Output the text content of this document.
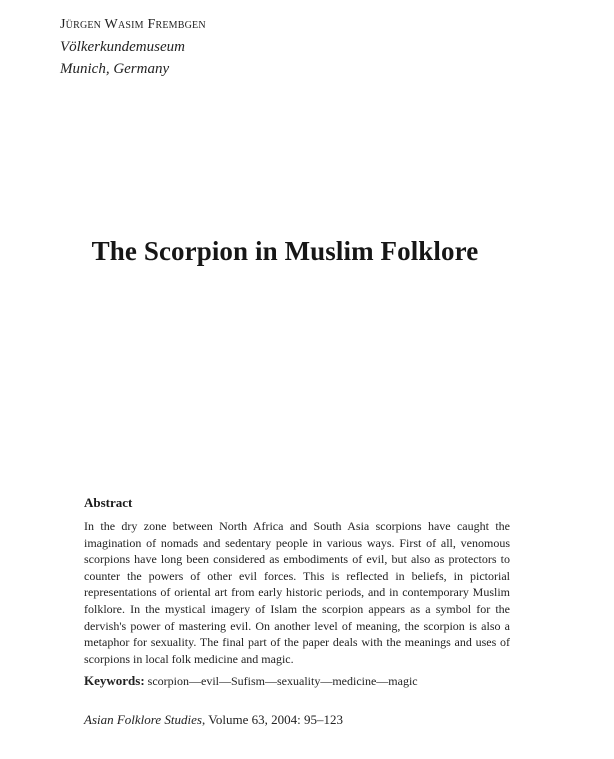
Jürgen Wasim Frembgen
Völkerkundemuseum
Munich, Germany
The Scorpion in Muslim Folklore
Abstract

In the dry zone between North Africa and South Asia scorpions have caught the imagination of nomads and sedentary people in various ways. First of all, venomous scorpions have long been considered as embodiments of evil, but also as protectors to counter the powers of other evil forces. This is reflected in beliefs, in pictorial representations of oriental art from early historic periods, and in contemporary Muslim folklore. In the mystical imagery of Islam the scorpion appears as a symbol for the dervish's power of mastering evil. On another level of meaning, the scorpion is also a metaphor for sexuality. The final part of the paper deals with the meanings and uses of scorpions in local folk medicine and magic.

Keywords: scorpion—evil—Sufism—sexuality—medicine—magic
Asian Folklore Studies, Volume 63, 2004: 95–123
